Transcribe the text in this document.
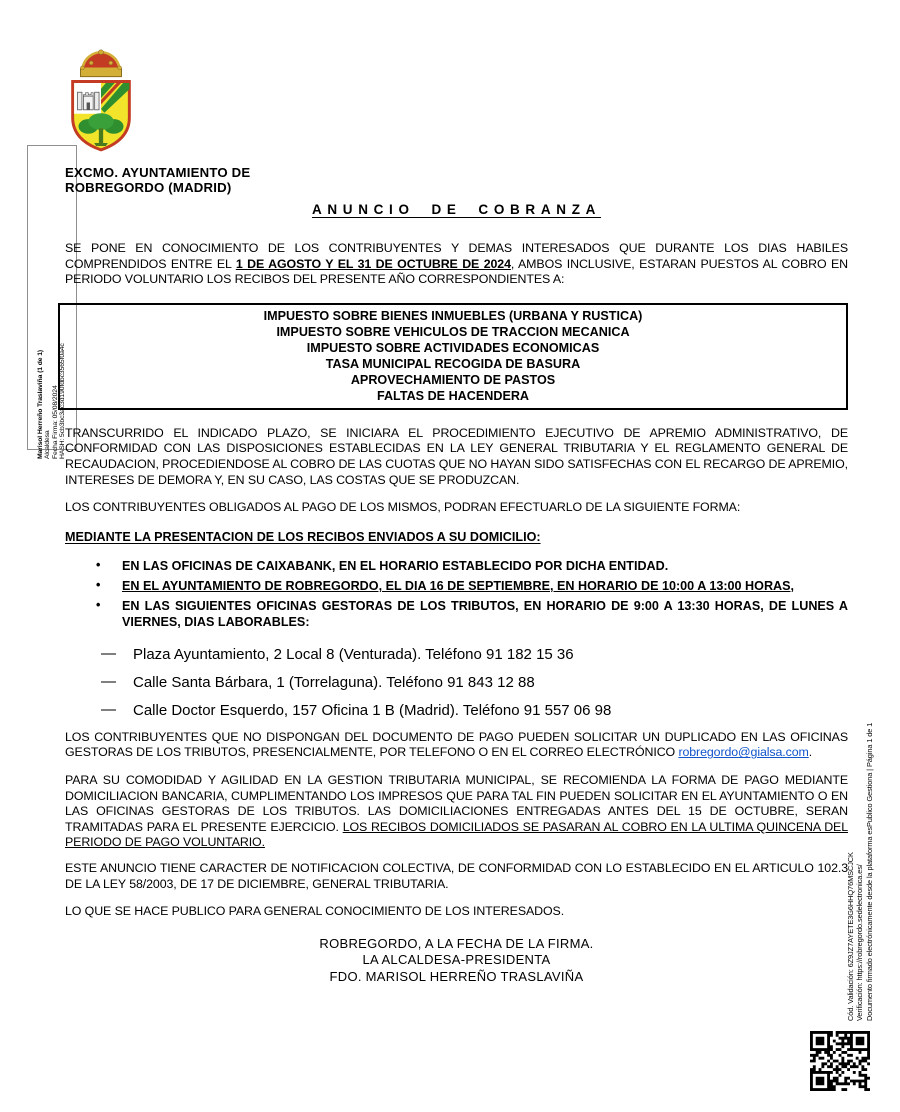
Marisol Herreño Traslaviña (1 de 1) Alcaldesa Fecha Firma: 05/08/2024 HASH: 5cb3bc3ac3d190fdbc3565f0a4c
EXCMO. AYUNTAMIENTO DE
ROBREGORDO (MADRID)
ANUNCIO DE COBRANZA

SE PONE EN CONOCIMIENTO DE LOS CONTRIBUYENTES Y DEMAS INTERESADOS QUE DURANTE LOS DIAS HABILES COMPRENDIDOS ENTRE EL 1 DE AGOSTO Y EL 31 DE OCTUBRE DE 2024, AMBOS INCLUSIVE, ESTARAN PUESTOS AL COBRO EN PERIODO VOLUNTARIO LOS RECIBOS DEL PRESENTE AÑO CORRESPONDIENTES A:

IMPUESTO SOBRE BIENES INMUEBLES (URBANA Y RUSTICA)
IMPUESTO SOBRE VEHICULOS DE TRACCION MECANICA
IMPUESTO SOBRE ACTIVIDADES ECONOMICAS
TASA MUNICIPAL RECOGIDA DE BASURA
APROVECHAMIENTO DE PASTOS
FALTAS DE HACENDERA

TRANSCURRIDO EL INDICADO PLAZO, SE INICIARA EL PROCEDIMIENTO EJECUTIVO DE APREMIO ADMINISTRATIVO, DE CONFORMIDAD CON LAS DISPOSICIONES ESTABLECIDAS EN LA LEY GENERAL TRIBUTARIA Y EL REGLAMENTO GENERAL DE RECAUDACION, PROCEDIENDOSE AL COBRO DE LAS CUOTAS QUE NO HAYAN SIDO SATISFECHAS CON EL RECARGO DE APREMIO, INTERESES DE DEMORA Y, EN SU CASO, LAS COSTAS QUE SE PRODUZCAN.

LOS CONTRIBUYENTES OBLIGADOS AL PAGO DE LOS MISMOS, PODRAN EFECTUARLO DE LA SIGUIENTE FORMA:

MEDIANTE LA PRESENTACION DE LOS RECIBOS ENVIADOS A SU DOMICILIO:
• EN LAS OFICINAS DE CAIXABANK, EN EL HORARIO ESTABLECIDO POR DICHA ENTIDAD.
• EN EL AYUNTAMIENTO DE ROBREGORDO, EL DIA 16 DE SEPTIEMBRE, EN HORARIO DE 10:00 A 13:00 HORAS,
• EN LAS SIGUIENTES OFICINAS GESTORAS DE LOS TRIBUTOS, EN HORARIO DE 9:00 A 13:30 HORAS, DE LUNES A VIERNES, DIAS LABORABLES:
— Plaza Ayuntamiento, 2 Local 8 (Venturada). Teléfono 91 182 15 36
— Calle Santa Bárbara, 1 (Torrelaguna). Teléfono 91 843 12 88
— Calle Doctor Esquerdo, 157 Oficina 1 B (Madrid). Teléfono 91 557 06 98

LOS CONTRIBUYENTES QUE NO DISPONGAN DEL DOCUMENTO DE PAGO PUEDEN SOLICITAR UN DUPLICADO EN LAS OFICINAS GESTORAS DE LOS TRIBUTOS, PRESENCIALMENTE, POR TELEFONO O EN EL CORREO ELECTRÓNICO robregordo@gialsa.com.

PARA SU COMODIDAD Y AGILIDAD EN LA GESTION TRIBUTARIA MUNICIPAL, SE RECOMIENDA LA FORMA DE PAGO MEDIANTE DOMICILIACION BANCARIA, CUMPLIMENTANDO LOS IMPRESOS QUE PARA TAL FIN PUEDEN SOLICITAR EN EL AYUNTAMIENTO O EN LAS OFICINAS GESTORAS DE LOS TRIBUTOS. LAS DOMICILIACIONES ENTREGADAS ANTES DEL 15 DE OCTUBRE, SERAN TRAMITADAS PARA EL PRESENTE EJERCICIO. LOS RECIBOS DOMICILIADOS SE PASARAN AL COBRO EN LA ULTIMA QUINCENA DEL PERIODO DE PAGO VOLUNTARIO.

ESTE ANUNCIO TIENE CARACTER DE NOTIFICACION COLECTIVA, DE CONFORMIDAD CON LO ESTABLECIDO EN EL ARTICULO 102.3 DE LA LEY 58/2003, DE 17 DE DICIEMBRE, GENERAL TRIBUTARIA.

LO QUE SE HACE PUBLICO PARA GENERAL CONOCIMIENTO DE LOS INTERESADOS.

ROBREGORDO, A LA FECHA DE LA FIRMA.
LA ALCALDESA-PRESIDENTA
FDO. MARISOL HERREÑO TRASLAVIÑA	Cód. Validación: 6Z9JZ7AYETE3G6HHQ76MSCJCK Verificación: https://robregordo.sedelectronica.es/ Documento firmado electrónicamente desde la plataforma esPublico Gestiona | Página 1 de 1
